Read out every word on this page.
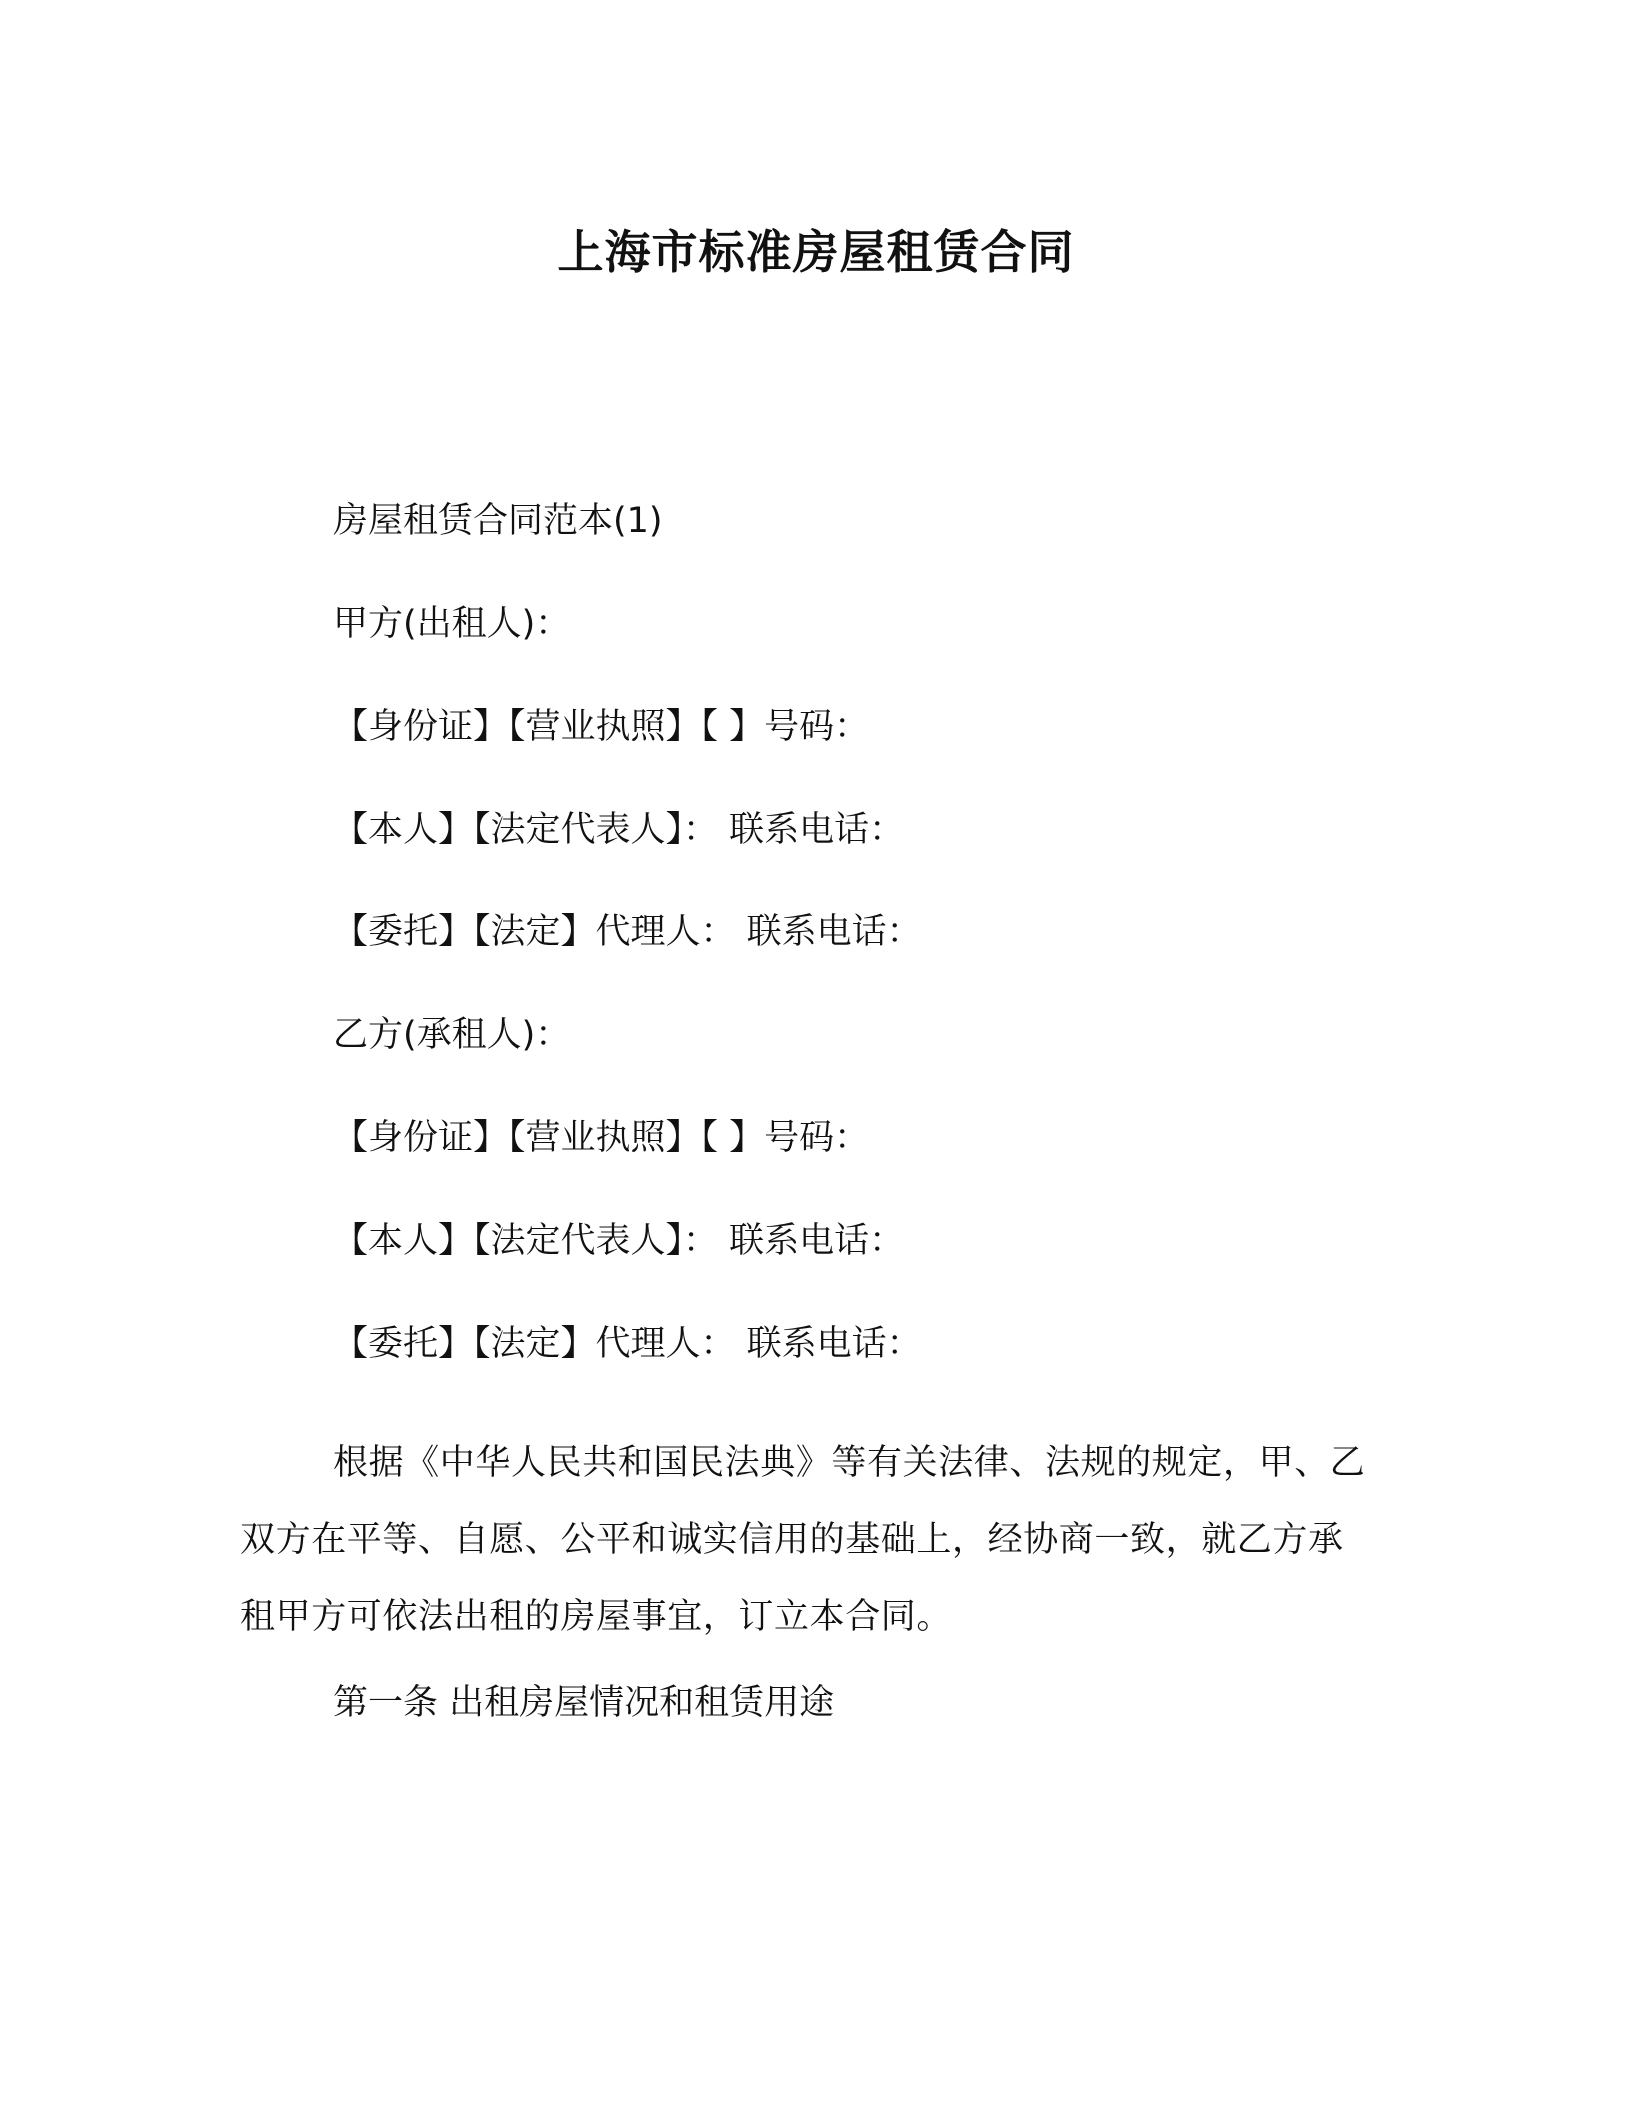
上海市标准房屋租赁合同
房屋租赁合同范本(1)
甲方(出租人)：
【身份证】【营业执照】【 】号码：
【本人】【法定代表人】： 联系电话：
【委托】【法定】代理人： 联系电话：
乙方(承租人)：
【身份证】【营业执照】【 】号码：
【本人】【法定代表人】： 联系电话：
【委托】【法定】代理人： 联系电话：
根据《中华人民共和国民法典》等有关法律、法规的规定，甲、乙双方在平等、自愿、公平和诚实信用的基础上，经协商一致，就乙方承租甲方可依法出租的房屋事宜，订立本合同。
第一条 出租房屋情况和租赁用途
